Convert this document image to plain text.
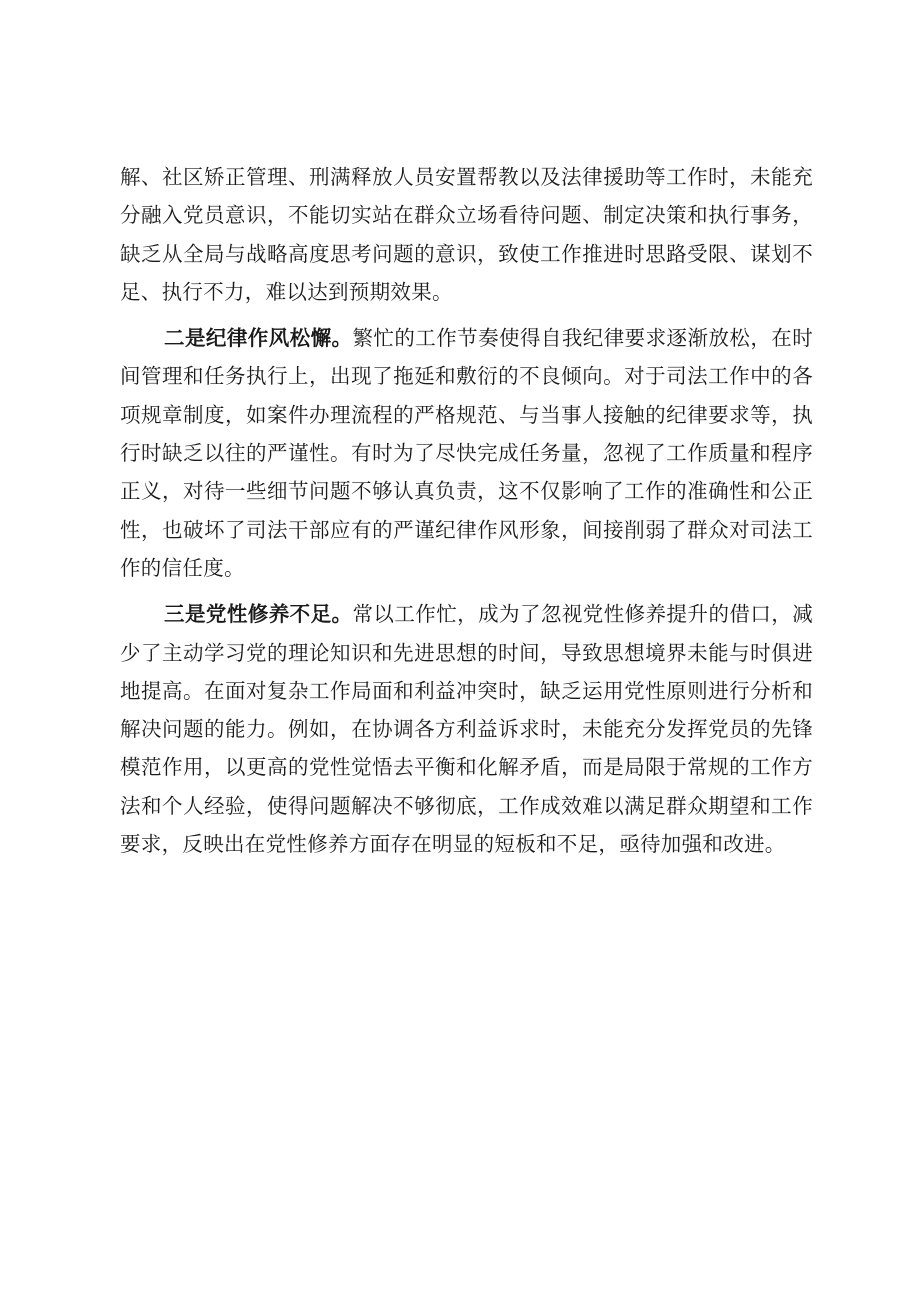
解、社区矫正管理、刑满释放人员安置帮教以及法律援助等工作时，未能充分融入党员意识，不能切实站在群众立场看待问题、制定决策和执行事务，缺乏从全局与战略高度思考问题的意识，致使工作推进时思路受限、谋划不足、执行不力，难以达到预期效果。

二是纪律作风松懈。繁忙的工作节奏使得自我纪律要求逐渐放松，在时间管理和任务执行上，出现了拖延和敷衍的不良倾向。对于司法工作中的各项规章制度，如案件办理流程的严格规范、与当事人接触的纪律要求等，执行时缺乏以往的严谨性。有时为了尽快完成任务量，忽视了工作质量和程序正义，对待一些细节问题不够认真负责，这不仅影响了工作的准确性和公正性，也破坏了司法干部应有的严谨纪律作风形象，间接削弱了群众对司法工作的信任度。

三是党性修养不足。常以工作忙，成为了忽视党性修养提升的借口，减少了主动学习党的理论知识和先进思想的时间，导致思想境界未能与时俱进地提高。在面对复杂工作局面和利益冲突时，缺乏运用党性原则进行分析和解决问题的能力。例如，在协调各方利益诉求时，未能充分发挥党员的先锋模范作用，以更高的党性觉悟去平衡和化解矛盾，而是局限于常规的工作方法和个人经验，使得问题解决不够彻底，工作成效难以满足群众期望和工作要求，反映出在党性修养方面存在明显的短板和不足，亟待加强和改进。
